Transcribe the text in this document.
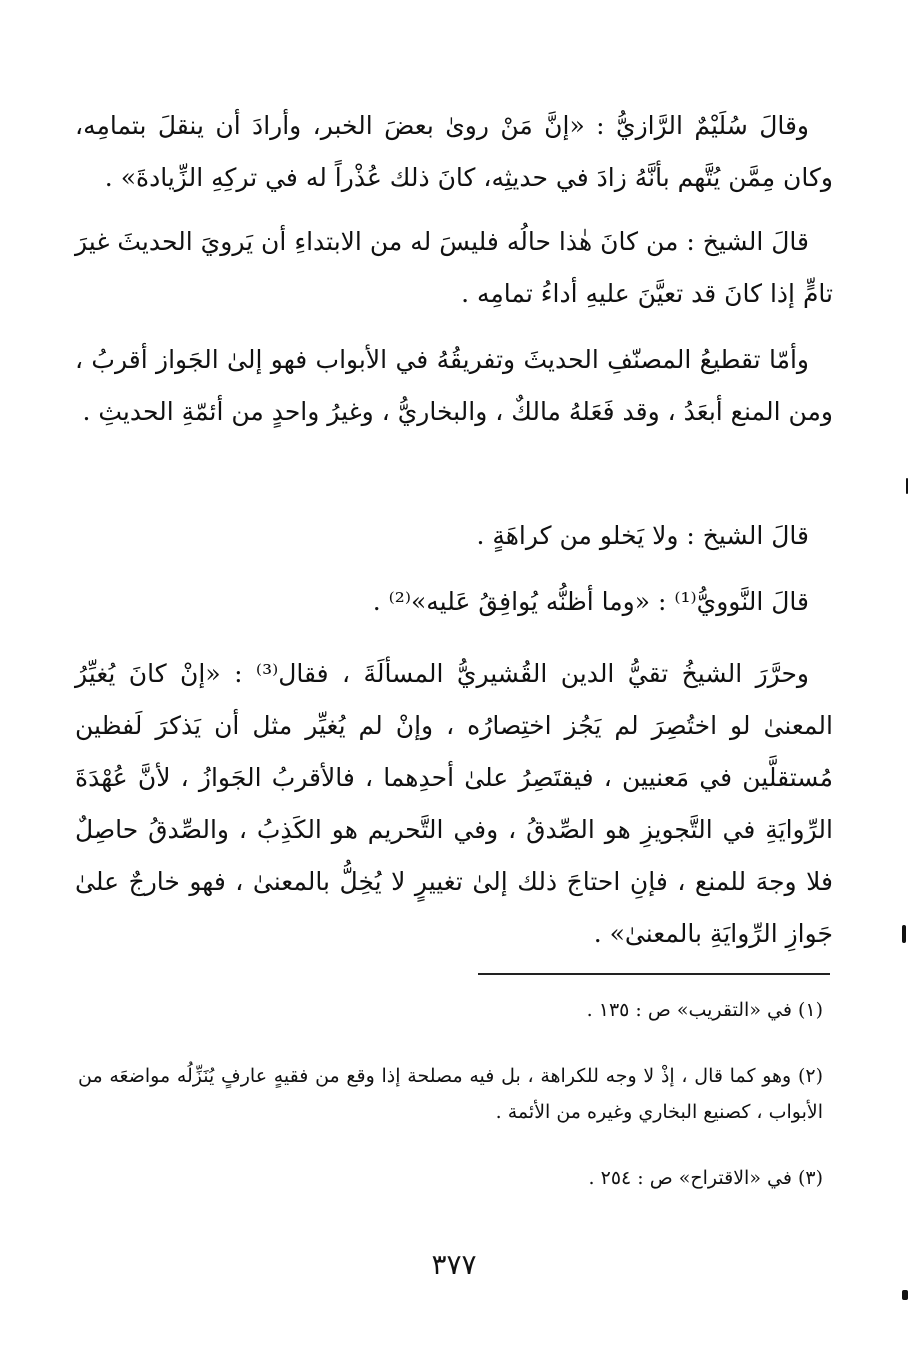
وقالَ سُلَيْمٌ الرَّازيُّ : «إنَّ مَنْ روىٰ بعضَ الخبر، وأرادَ أن ينقلَ بتمامِه، وكان مِمَّن يُتَّهم بأنَّهُ زادَ في حديثِه، كانَ ذلك عُذْراً له في تركِهِ الزِّيادةَ» .

قالَ الشيخ : من كانَ هٰذا حالُه فليسَ له من الابتداءِ أن يَرويَ الحديثَ غيرَ تامٍّ إذا كانَ قد تعيَّنَ عليهِ أداءُ تمامِه .

وأمّا تقطيعُ المصنّفِ الحديثَ وتفريقُهُ في الأبواب فهو إلىٰ الجَواز أقربُ ، ومن المنع أبعَدُ ، وقد فَعَلهُ مالكٌ ، والبخاريُّ ، وغيرُ واحدٍ من أئمّةِ الحديثِ .

قالَ الشيخ : ولا يَخلو من كراهَةٍ .

قالَ النَّوويُّ⁽¹⁾ : «وما أظنُّه يُوافِقُ عَليه»⁽²⁾ .

وحرَّرَ الشيخُ تقيُّ الدين القُشيريُّ المسألَةَ ، فقال⁽³⁾ : «إنْ كانَ يُغيِّرُ المعنىٰ لو اختُصِرَ لم يَجُز اختِصارُه ، وإنْ لم يُغيِّر مثل أن يَذكرَ لَفظين مُستقلَّين في مَعنيين ، فيقتَصِرُ علىٰ أحدِهما ، فالأقربُ الجَوازُ ، لأنَّ عُهْدَةَ الرِّوايَةِ في التَّجويزِ هو الصِّدقُ ، وفي التَّحريم هو الكَذِبُ ، والصِّدقُ حاصِلٌ فلا وجهَ للمنع ، فإنِ احتاجَ ذلك إلىٰ تغييرٍ لا يُخِلُّ بالمعنىٰ ، فهو خارجٌ علىٰ جَوازِ الرِّوايَةِ بالمعنىٰ» .

(١) في «التقريب» ص : ١٣٥ .

(٢) وهو كما قال ، إذْ لا وجه للكراهة ، بل فيه مصلحة إذا وقع من فقيهٍ عارفٍ يُنَزِّلُه مواضعَه من الأبواب ، كصنيع البخاري وغيره من الأئمة .

(٣) في «الاقتراح» ص : ٢٥٤ .

٣٧٧
